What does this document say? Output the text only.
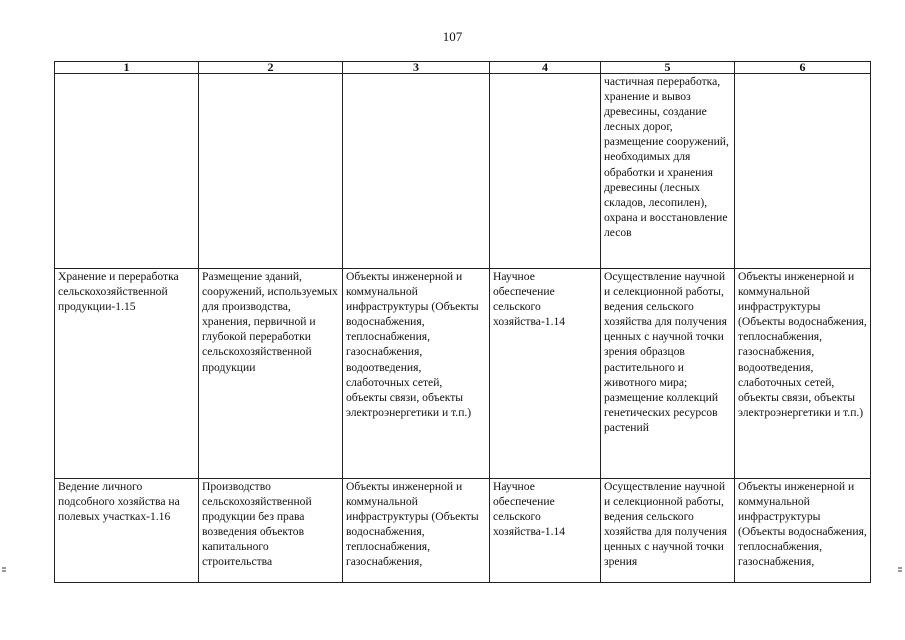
107
1	2	3	4	5	6
				частичная переработка, хранение и вывоз древесины, создание лесных дорог, размещение сооружений, необходимых для обработки и хранения древесины (лесных складов, лесопилен), охрана и восстановление лесов	
Хранение и переработка сельскохозяйственной продукции-1.15	Размещение зданий, сооружений, используемых для производства, хранения, первичной и глубокой переработки сельскохозяйственной продукции	Объекты инженерной и коммунальной инфраструктуры (Объекты водоснабжения, теплоснабжения, газоснабжения, водоотведения, слаботочных сетей, объекты связи, объекты электроэнергетики и т.п.)	Научное обеспечение сельского хозяйства-1.14	Осуществление научной и селекционной работы, ведения сельского хозяйства для получения ценных с научной точки зрения образцов растительного и животного мира; размещение коллекций генетических ресурсов растений	Объекты инженерной и коммунальной инфраструктуры (Объекты водоснабжения, теплоснабжения, газоснабжения, водоотведения, слаботочных сетей, объекты связи, объекты электроэнергетики и т.п.)
Ведение личного подсобного хозяйства на полевых участках-1.16	Производство сельскохозяйственной продукции без права возведения объектов капитального строительства	Объекты инженерной и коммунальной инфраструктуры (Объекты водоснабжения, теплоснабжения, газоснабжения,	Научное обеспечение сельского хозяйства-1.14	Осуществление научной и селекционной работы, ведения сельского хозяйства для получения ценных с научной точки зрения	Объекты инженерной и коммунальной инфраструктуры (Объекты водоснабжения, теплоснабжения, газоснабжения,
